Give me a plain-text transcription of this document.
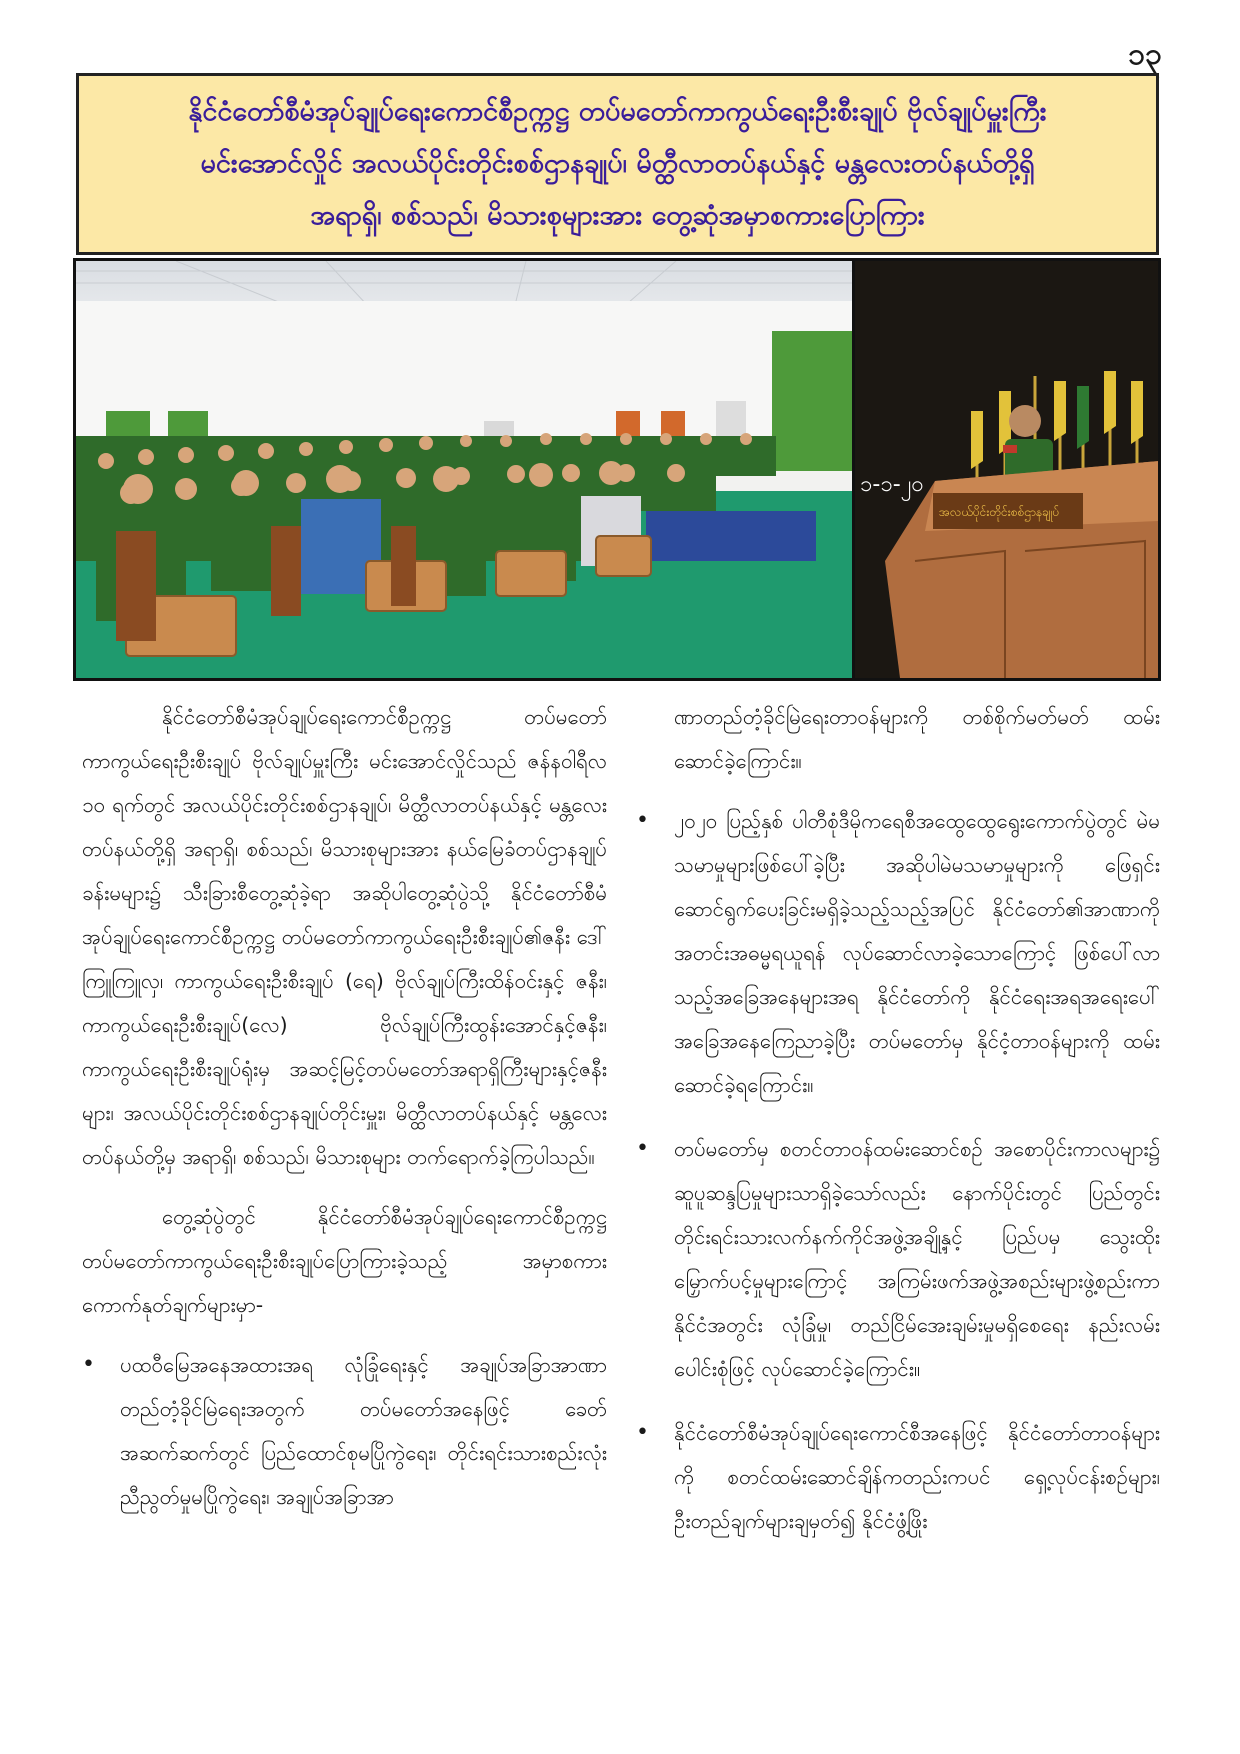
၁၃
နိုင်ငံတော်စီမံအုပ်ချုပ်ရေးကောင်စီဥက္ကဋ္ဌ တပ်မတော်ကာကွယ်ရေးဦးစီးချုပ် ဗိုလ်ချုပ်မှူးကြီး
မင်းအောင်လှိုင် အလယ်ပိုင်းတိုင်းစစ်ဌာနချုပ်၊ မိတ္ထီလာတပ်နယ်နှင့် မန္တလေးတပ်နယ်တို့ရှိ
အရာရှိ၊ စစ်သည်၊ မိသားစုများအား တွေ့ဆုံအမှာစကားပြောကြား
၁-၁-၂၀
အလယ်ပိုင်းတိုင်းစစ်ဌာနချုပ်

နိုင်ငံတော်စီမံအုပ်ချုပ်ရေးကောင်စီဥက္ကဋ္ဌ တပ်မတော်ကာကွယ်ရေးဦးစီးချုပ် ဗိုလ်ချုပ်မှူးကြီး မင်းအောင်လှိုင်သည် ဇန်နဝါရီလ ၁၀ ရက်တွင် အလယ်ပိုင်းတိုင်းစစ်ဌာနချုပ်၊ မိတ္ထီလာတပ်နယ်နှင့် မန္တလေးတပ်နယ်တို့ရှိ အရာရှိ၊ စစ်သည်၊ မိသားစုများအား နယ်မြေခံတပ်ဌာနချုပ်ခန်းမများ၌ သီးခြားစီတွေ့ဆုံခဲ့ရာ အဆိုပါတွေ့ဆုံပွဲသို့ နိုင်ငံတော်စီမံအုပ်ချုပ်ရေးကောင်စီဥက္ကဋ္ဌ တပ်မတော်ကာကွယ်ရေးဦးစီးချုပ်၏ဇနီး ဒေါ်ကြူကြူလှ၊ ကာကွယ်ရေးဦးစီးချုပ် (ရေ) ဗိုလ်ချုပ်ကြီးထိန်ဝင်းနှင့် ဇနီး၊ ကာကွယ်ရေးဦးစီးချုပ်(လေ) ဗိုလ်ချုပ်ကြီးထွန်းအောင်နှင့်ဇနီး၊ ကာကွယ်ရေးဦးစီးချုပ်ရုံးမှ အဆင့်မြင့်တပ်မတော်အရာရှိကြီးများနှင့်ဇနီးများ၊ အလယ်ပိုင်းတိုင်းစစ်ဌာနချုပ်တိုင်းမှူး၊ မိတ္ထီလာတပ်နယ်နှင့် မန္တလေးတပ်နယ်တို့မှ အရာရှိ၊ စစ်သည်၊ မိသားစုများ တက်ရောက်ခဲ့ကြပါသည်။

တွေ့ဆုံပွဲတွင် နိုင်ငံတော်စီမံအုပ်ချုပ်ရေးကောင်စီဥက္ကဋ္ဌ တပ်မတော်ကာကွယ်ရေးဦးစီးချုပ်ပြောကြားခဲ့သည့် အမှာစကားကောက်နုတ်ချက်များမှာ-

• ပထဝီမြေအနေအထားအရ လုံခြုံရေးနှင့် အချုပ်အခြာအာဏာတည်တံ့ခိုင်မြဲရေးအတွက် တပ်မတော်အနေဖြင့် ခေတ်အဆက်ဆက်တွင် ပြည်ထောင်စုမပြိုကွဲရေး၊ တိုင်းရင်းသားစည်းလုံးညီညွတ်မှုမပြိုကွဲရေး၊ အချုပ်အခြာအာ

ဏာတည်တံ့ခိုင်မြဲရေးတာဝန်များကို တစ်စိုက်မတ်မတ် ထမ်းဆောင်ခဲ့ကြောင်း။

• ၂၀၂၀ ပြည့်နှစ် ပါတီစုံဒီမိုကရေစီအထွေထွေရွေးကောက်ပွဲတွင် မဲမသမာမှုများဖြစ်ပေါ်ခဲ့ပြီး အဆိုပါမဲမသမာမှုများကို ဖြေရှင်းဆောင်ရွက်ပေးခြင်းမရှိခဲ့သည့်သည့်အပြင် နိုင်ငံတော်၏အာဏာကို အတင်းအဓမ္မရယူရန် လုပ်ဆောင်လာခဲ့သောကြောင့် ဖြစ်ပေါ်လာသည့်အခြေအနေများအရ နိုင်ငံတော်ကို နိုင်ငံရေးအရအရေးပေါ်အခြေအနေကြေညာခဲ့ပြီး တပ်မတော်မှ နိုင်ငံ့တာဝန်များကို ထမ်းဆောင်ခဲ့ရကြောင်း။
• တပ်မတော်မှ စတင်တာဝန်ထမ်းဆောင်စဉ် အစောပိုင်းကာလများ၌ ဆူပူဆန္ဒပြမှုများသာရှိခဲ့သော်လည်း နောက်ပိုင်းတွင် ပြည်တွင်းတိုင်းရင်းသားလက်နက်ကိုင်အဖွဲ့အချို့နှင့် ပြည်ပမှ သွေးထိုးမြှောက်ပင့်မှုများကြောင့် အကြမ်းဖက်အဖွဲ့အစည်းများဖွဲ့စည်းကာ နိုင်ငံအတွင်း လုံခြုံမှု၊ တည်ငြိမ်အေးချမ်းမှုမရှိစေရေး နည်းလမ်းပေါင်းစုံဖြင့် လုပ်ဆောင်ခဲ့ကြောင်း။
• နိုင်ငံတော်စီမံအုပ်ချုပ်ရေးကောင်စီအနေဖြင့် နိုင်ငံတော်တာဝန်များကို စတင်ထမ်းဆောင်ချိန်ကတည်းကပင် ရှေ့လုပ်ငန်းစဉ်များ၊ ဦးတည်ချက်များချမှတ်၍ နိုင်ငံဖွံ့ဖြိုး
